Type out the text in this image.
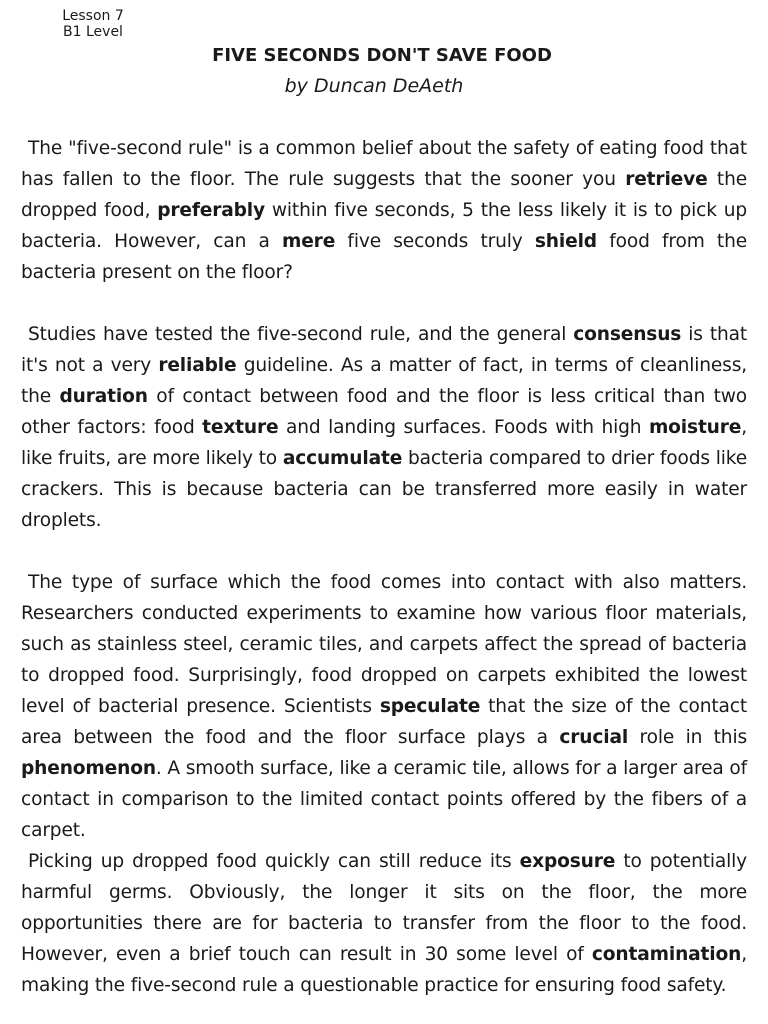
Lesson 7
B1 Level
FIVE SECONDS DON'T SAVE FOOD
by Duncan DeAeth

The "five-second rule" is a common belief about the safety of eating food that has fallen to the floor. The rule suggests that the sooner you retrieve the dropped food, preferably within five seconds, 5 the less likely it is to pick up bacteria. However, can a mere five seconds truly shield food from the bacteria present on the floor?

Studies have tested the five-second rule, and the general consensus is that it's not a very reliable guideline. As a matter of fact, in terms of cleanliness, the duration of contact between food and the floor is less critical than two other factors: food texture and landing surfaces. Foods with high moisture, like fruits, are more likely to accumulate bacteria compared to drier foods like crackers. This is because bacteria can be transferred more easily in water droplets.

The type of surface which the food comes into contact with also matters. Researchers conducted experiments to examine how various floor materials, such as stainless steel, ceramic tiles, and carpets affect the spread of bacteria to dropped food. Surprisingly, food dropped on carpets exhibited the lowest level of bacterial presence. Scientists speculate that the size of the contact area between the food and the floor surface plays a crucial role in this phenomenon. A smooth surface, like a ceramic tile, allows for a larger area of contact in comparison to the limited contact points offered by the fibers of a carpet.

Picking up dropped food quickly can still reduce its exposure to potentially harmful germs. Obviously, the longer it sits on the floor, the more opportunities there are for bacteria to transfer from the floor to the food. However, even a brief touch can result in 30 some level of contamination, making the five-second rule a questionable practice for ensuring food safety.
